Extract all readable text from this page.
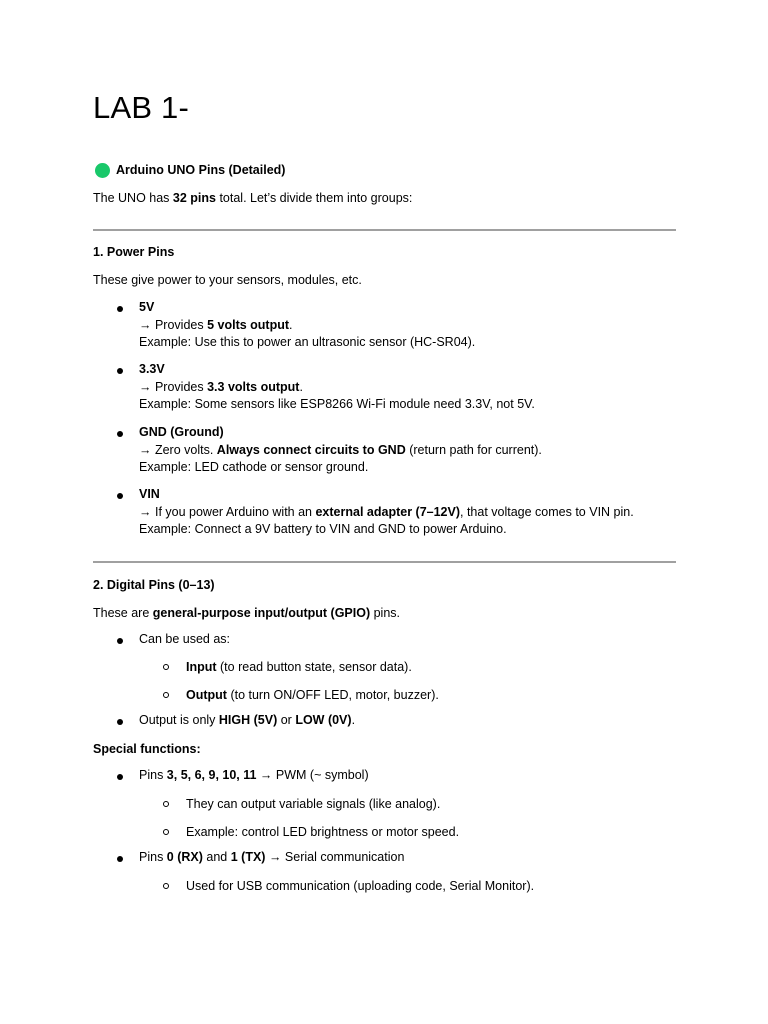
LAB 1-

Arduino UNO Pins (Detailed)

The UNO has 32 pins total. Let’s divide them into groups:

1. Power Pins

These give power to your sensors, modules, etc.

5V
→ Provides 5 volts output.
Example: Use this to power an ultrasonic sensor (HC-SR04).
3.3V
→ Provides 3.3 volts output.
Example: Some sensors like ESP8266 Wi-Fi module need 3.3V, not 5V.
GND (Ground)
→ Zero volts. Always connect circuits to GND (return path for current).
Example: LED cathode or sensor ground.
VIN
→ If you power Arduino with an external adapter (7–12V), that voltage comes to VIN pin.
Example: Connect a 9V battery to VIN and GND to power Arduino.

2. Digital Pins (0–13)

These are general-purpose input/output (GPIO) pins.

Can be used as:

Input (to read button state, sensor data).

Output (to turn ON/OFF LED, motor, buzzer).

Output is only HIGH (5V) or LOW (0V).

Special functions:

Pins 3, 5, 6, 9, 10, 11 → PWM (~ symbol)

They can output variable signals (like analog).

Example: control LED brightness or motor speed.

Pins 0 (RX) and 1 (TX) → Serial communication

Used for USB communication (uploading code, Serial Monitor).
